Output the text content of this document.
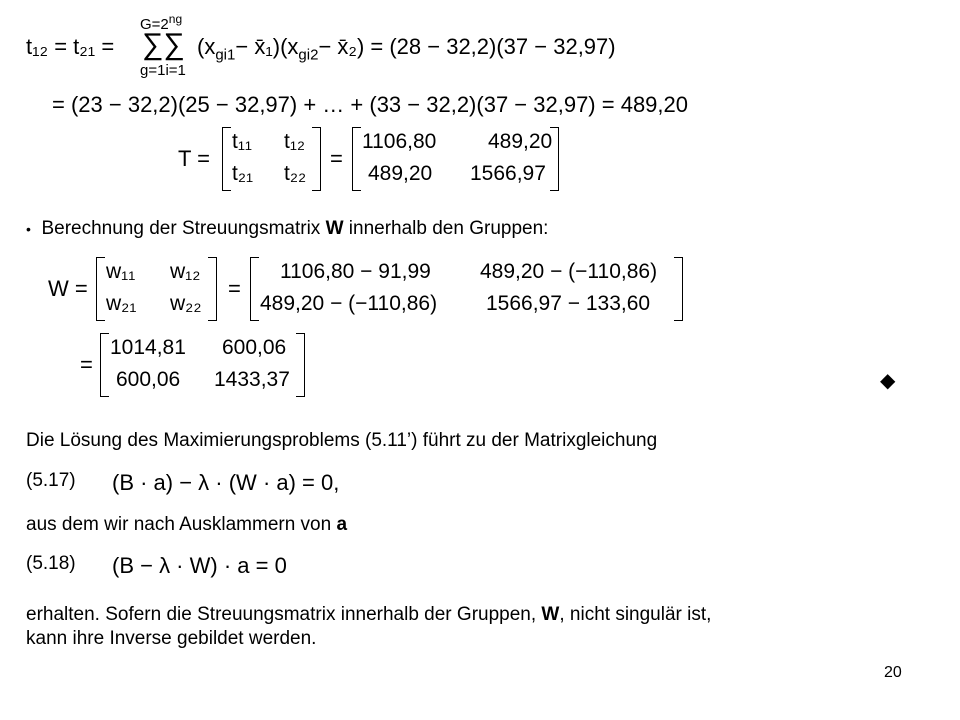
t₁₂ = t₂₁ =
$G=2^{ng}$
∑∑
g=1i=1
($x_{gi1}-$ $x̄_1)(x_{gi2}-$ x̄₂) = (28 − 32,2)(37 − 32,97)
= (23 − 32,2)(25 − 32,97) + … + (33 − 32,2)(37 − 32,97) = 489,20
T =
t₁₁ t₁₂
t₂₁ t₂₂
=
1106,80 489,20
489,20 1566,97
• Berechnung der Streuungsmatrix W innerhalb den Gruppen:
W =
w₁₁ w₁₂
w₂₁ w₂₂
=
1106,80 − 91,99 489,20 − (−110,86)
489,20 − (−110,86) 1566,97 − 133,60
=
1014,81 600,06
600,06 1433,37	◆
Die Lösung des Maximierungsproblems (5.11’) führt zu der Matrixgleichung
(5.17) (B · a) − λ · (W · a) = 0,
aus dem wir nach Ausklammern von a
(5.18) (B − λ · W) · a = 0
erhalten. Sofern die Streuungsmatrix innerhalb der Gruppen, W, nicht singulär ist,
kann ihre Inverse gebildet werden.
20
